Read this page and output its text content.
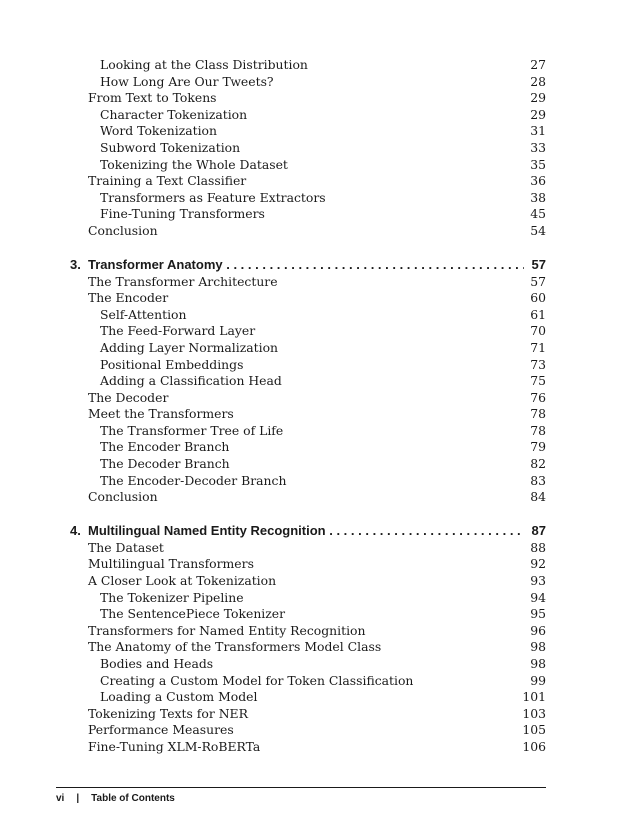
Looking at the Class Distribution	27
How Long Are Our Tweets?	28
From Text to Tokens	29
Character Tokenization	29
Word Tokenization	31
Subword Tokenization	33
Tokenizing the Whole Dataset	35
Training a Text Classifier	36
Transformers as Feature Extractors	38
Fine-Tuning Transformers	45
Conclusion	54
3. Transformer Anatomy . . .	57
The Transformer Architecture	57
The Encoder	60
Self-Attention	61
The Feed-Forward Layer	70
Adding Layer Normalization	71
Positional Embeddings	73
Adding a Classification Head	75
The Decoder	76
Meet the Transformers	78
The Transformer Tree of Life	78
The Encoder Branch	79
The Decoder Branch	82
The Encoder-Decoder Branch	83
Conclusion	84
4. Multilingual Named Entity Recognition . . .	87
The Dataset	88
Multilingual Transformers	92
A Closer Look at Tokenization	93
The Tokenizer Pipeline	94
The SentencePiece Tokenizer	95
Transformers for Named Entity Recognition	96
The Anatomy of the Transformers Model Class	98
Bodies and Heads	98
Creating a Custom Model for Token Classification	99
Loading a Custom Model	101
Tokenizing Texts for NER	103
Performance Measures	105
Fine-Tuning XLM-RoBERTa	106
vi | Table of Contents
